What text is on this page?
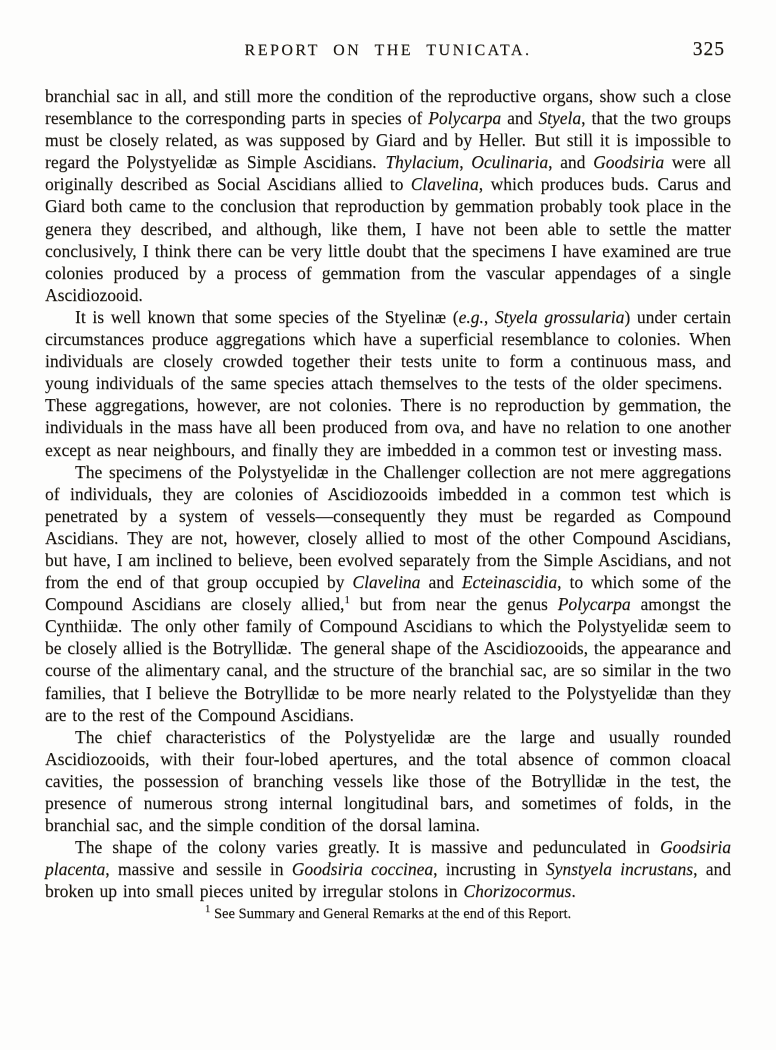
REPORT ON THE TUNICATA.	325

branchial sac in all, and still more the condition of the reproductive organs, show such a close resemblance to the corresponding parts in species of Polycarpa and Styela, that the two groups must be closely related, as was supposed by Giard and by Heller. But still it is impossible to regard the Polystyelidæ as Simple Ascidians. Thylacium, Oculinaria, and Goodsiria were all originally described as Social Ascidians allied to Clavelina, which produces buds. Carus and Giard both came to the conclusion that reproduction by gemmation probably took place in the genera they described, and although, like them, I have not been able to settle the matter conclusively, I think there can be very little doubt that the specimens I have examined are true colonies produced by a process of gemmation from the vascular appendages of a single Ascidiozooid.

It is well known that some species of the Styelinæ (e.g., Styela grossularia) under certain circumstances produce aggregations which have a superficial resemblance to colonies. When individuals are closely crowded together their tests unite to form a continuous mass, and young individuals of the same species attach themselves to the tests of the older specimens. These aggregations, however, are not colonies. There is no reproduction by gemmation, the individuals in the mass have all been produced from ova, and have no relation to one another except as near neighbours, and finally they are imbedded in a common test or investing mass.

The specimens of the Polystyelidæ in the Challenger collection are not mere aggregations of individuals, they are colonies of Ascidiozooids imbedded in a common test which is penetrated by a system of vessels—consequently they must be regarded as Compound Ascidians. They are not, however, closely allied to most of the other Compound Ascidians, but have, I am inclined to believe, been evolved separately from the Simple Ascidians, and not from the end of that group occupied by Clavelina and Ecteinascidia, to which some of the Compound Ascidians are closely allied,$^1$ but from near the genus Polycarpa amongst the Cynthiidæ. The only other family of Compound Ascidians to which the Polystyelidæ seem to be closely allied is the Botryllidæ. The general shape of the Ascidiozooids, the appearance and course of the alimentary canal, and the structure of the branchial sac, are so similar in the two families, that I believe the Botryllidæ to be more nearly related to the Polystyelidæ than they are to the rest of the Compound Ascidians.

The chief characteristics of the Polystyelidæ are the large and usually rounded Ascidiozooids, with their four-lobed apertures, and the total absence of common cloacal cavities, the possession of branching vessels like those of the Botryllidæ in the test, the presence of numerous strong internal longitudinal bars, and sometimes of folds, in the branchial sac, and the simple condition of the dorsal lamina.

The shape of the colony varies greatly. It is massive and pedunculated in Goodsiria placenta, massive and sessile in Goodsiria coccinea, incrusting in Synstyela incrustans, and broken up into small pieces united by irregular stolons in Chorizocormus.

$^1$ See Summary and General Remarks at the end of this Report.
